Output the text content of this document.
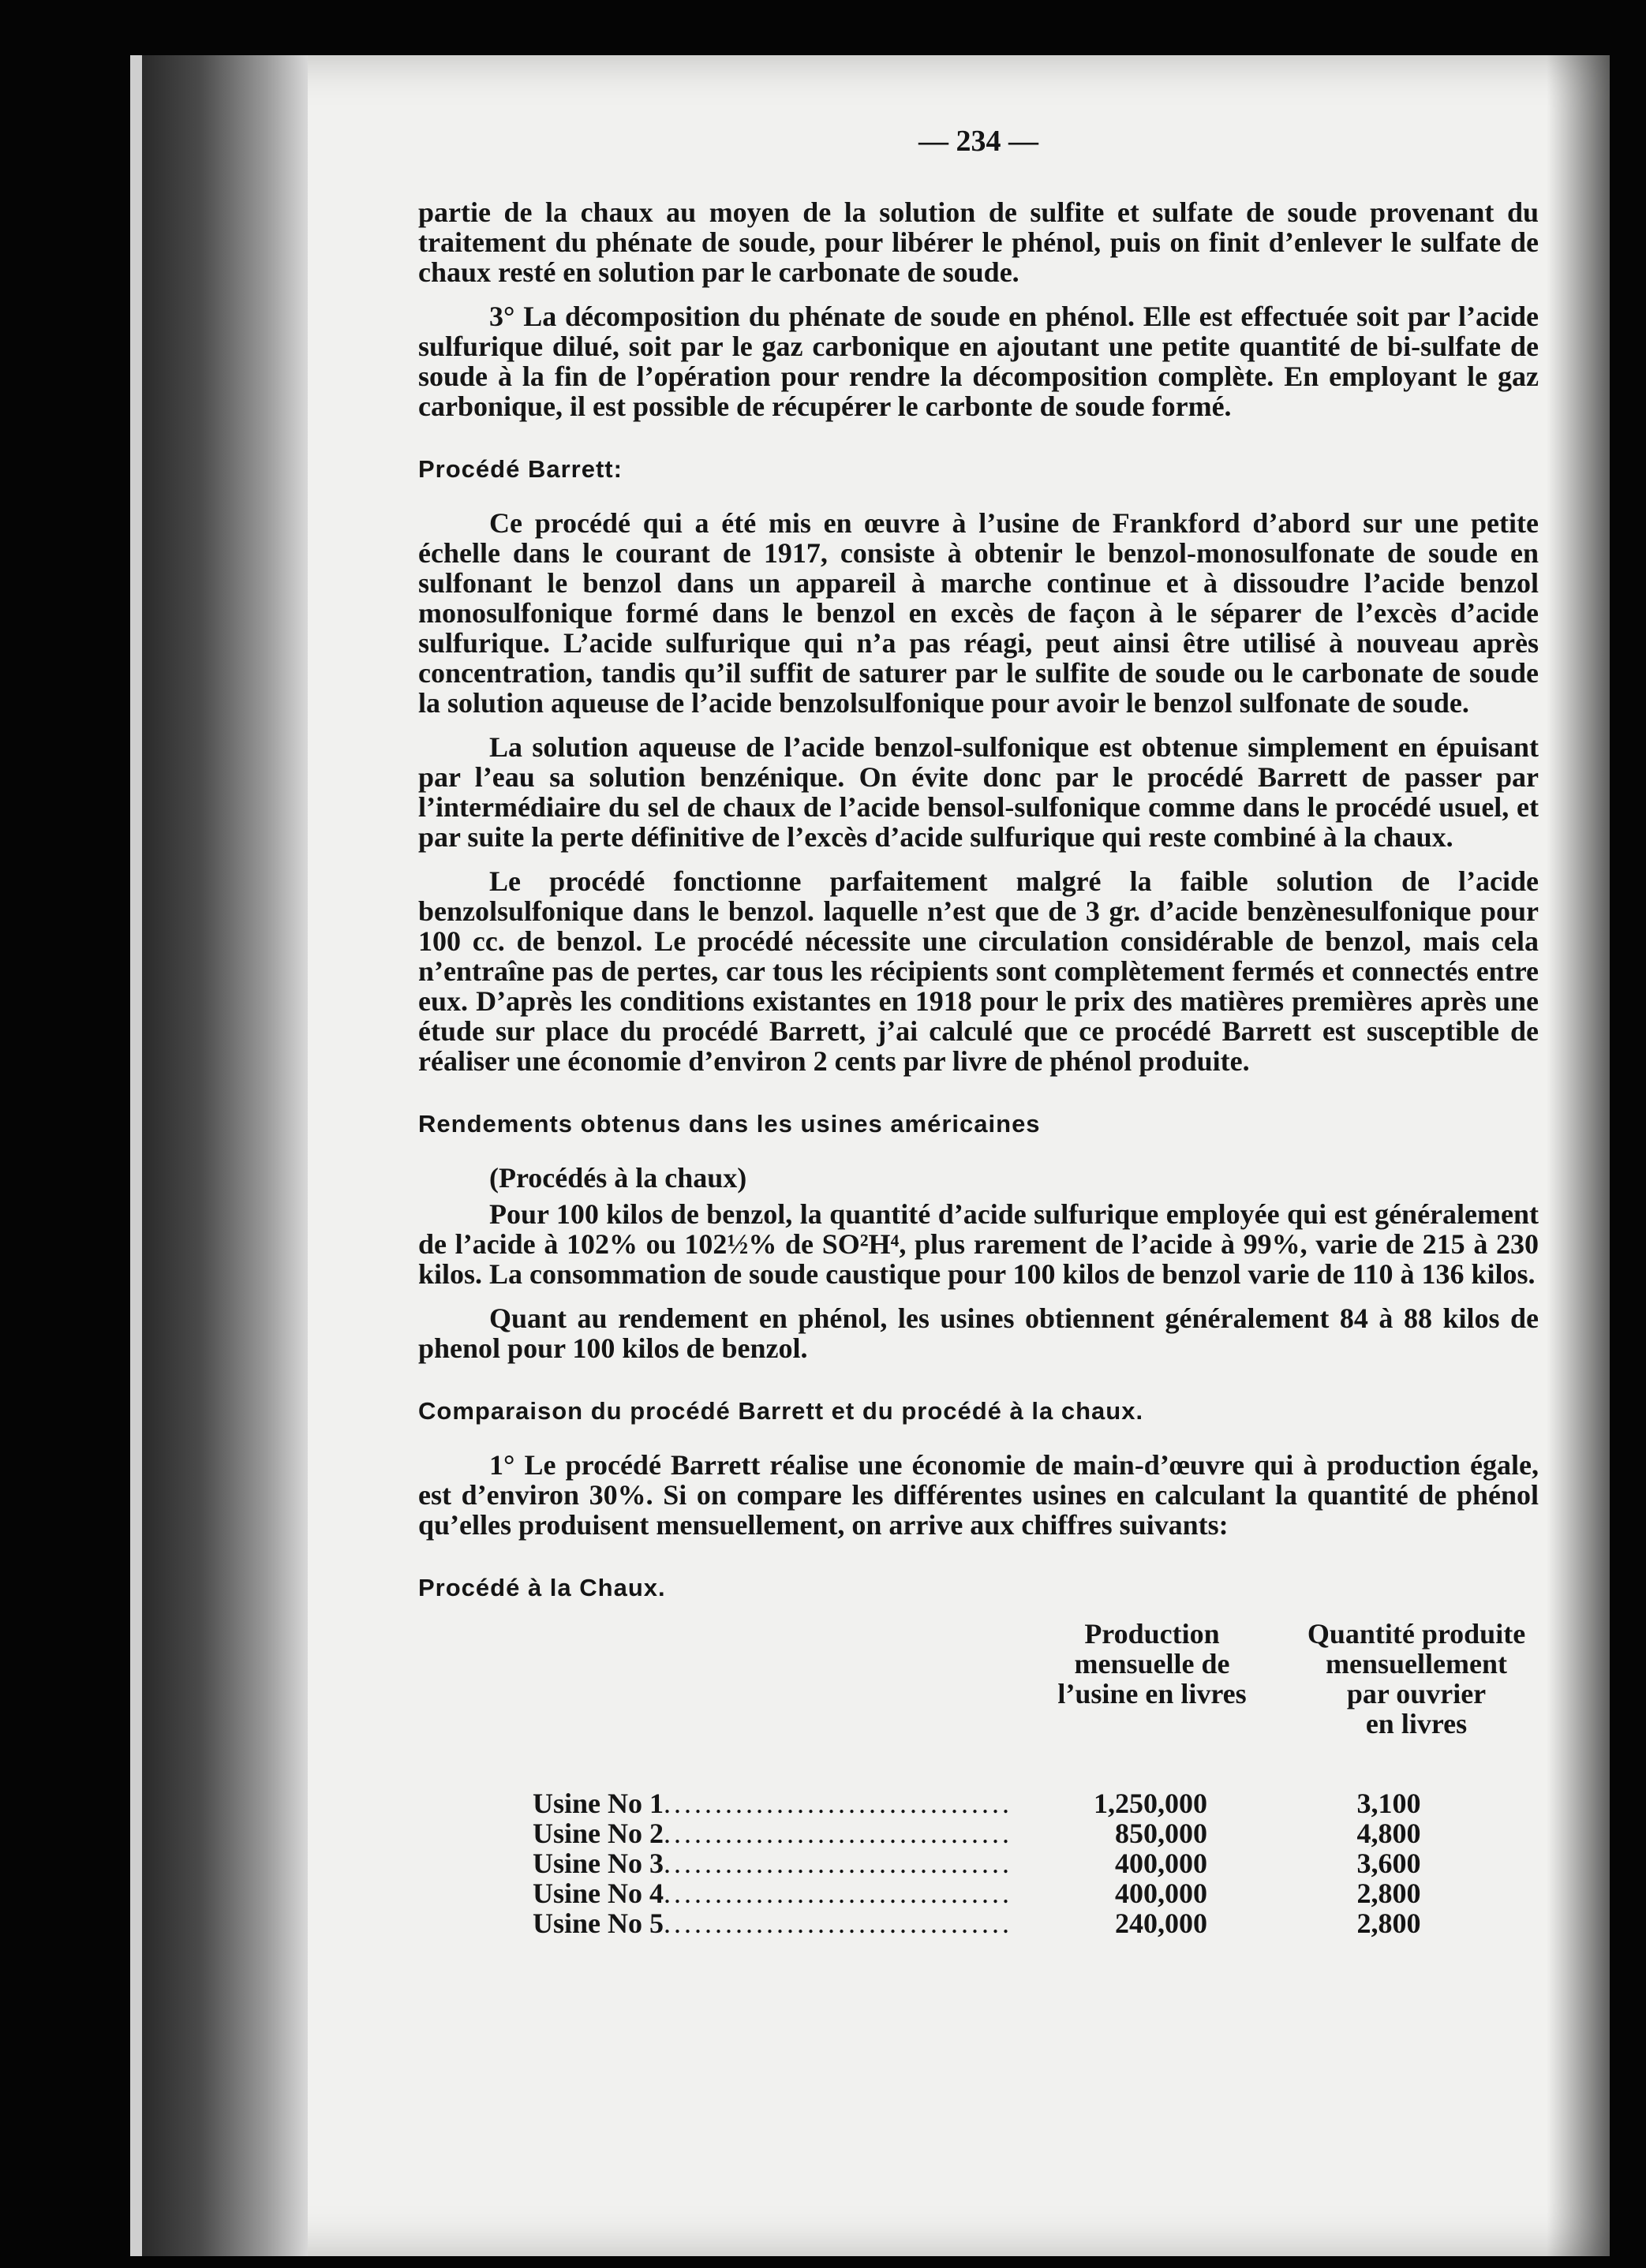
— 234 —

partie de la chaux au moyen de la solution de sulfite et sulfate de soude provenant du traitement du phénate de soude, pour libérer le phénol, puis on finit d’enlever le sulfate de chaux resté en solution par le carbonate de soude.

3° La décomposition du phénate de soude en phénol. Elle est effectuée soit par l’acide sulfurique dilué, soit par le gaz carbonique en ajoutant une petite quantité de bi-sulfate de soude à la fin de l’opération pour rendre la décomposition complète. En employant le gaz carbonique, il est possible de récupérer le carbonte de soude formé.

Procédé Barrett:

Ce procédé qui a été mis en œuvre à l’usine de Frankford d’abord sur une petite échelle dans le courant de 1917, consiste à obtenir le benzol-monosulfonate de soude en sulfonant le benzol dans un appareil à marche continue et à dissoudre l’acide benzol monosulfonique formé dans le benzol en excès de façon à le séparer de l’excès d’acide sulfurique. L’acide sulfurique qui n’a pas réagi, peut ainsi être utilisé à nouveau après concentration, tandis qu’il suffit de saturer par le sulfite de soude ou le carbonate de soude la solution aqueuse de l’acide benzolsulfonique pour avoir le benzol sulfonate de soude.

La solution aqueuse de l’acide benzol-sulfonique est obtenue simplement en épuisant par l’eau sa solution benzénique. On évite donc par le procédé Barrett de passer par l’intermédiaire du sel de chaux de l’acide bensol-sulfonique comme dans le procédé usuel, et par suite la perte définitive de l’excès d’acide sulfurique qui reste combiné à la chaux.

Le procédé fonctionne parfaitement malgré la faible solution de l’acide benzolsulfonique dans le benzol. laquelle n’est que de 3 gr. d’acide benzènesulfonique pour 100 cc. de benzol. Le procédé nécessite une circulation considérable de benzol, mais cela n’entraîne pas de pertes, car tous les récipients sont complètement fermés et connectés entre eux. D’après les conditions existantes en 1918 pour le prix des matières premières après une étude sur place du procédé Barrett, j’ai calculé que ce procédé Barrett est susceptible de réaliser une économie d’environ 2 cents par livre de phénol produite.

Rendements obtenus dans les usines américaines
(Procédés à la chaux)

Pour 100 kilos de benzol, la quantité d’acide sulfurique employée qui est généralement de l’acide à 102% ou 102½% de SO²H⁴, plus rarement de l’acide à 99%, varie de 215 à 230 kilos. La consommation de soude caustique pour 100 kilos de benzol varie de 110 à 136 kilos.

Quant au rendement en phénol, les usines obtiennent généralement 84 à 88 kilos de phenol pour 100 kilos de benzol.

Comparaison du procédé Barrett et du procédé à la chaux.

1° Le procédé Barrett réalise une économie de main-d’œuvre qui à production égale, est d’environ 30%. Si on compare les différentes usines en calculant la quantité de phénol qu’elles produisent mensuellement, on arrive aux chiffres suivants:

Procédé à la Chaux.
Production
mensuelle de
l’usine en livres
Quantité produite
mensuellement
par ouvrier
en livres
Usine No 1..................................	1,250,000	3,100
Usine No 2..................................	850,000	4,800
Usine No 3..................................	400,000	3,600
Usine No 4..................................	400,000	2,800
Usine No 5..................................	240,000	2,800
